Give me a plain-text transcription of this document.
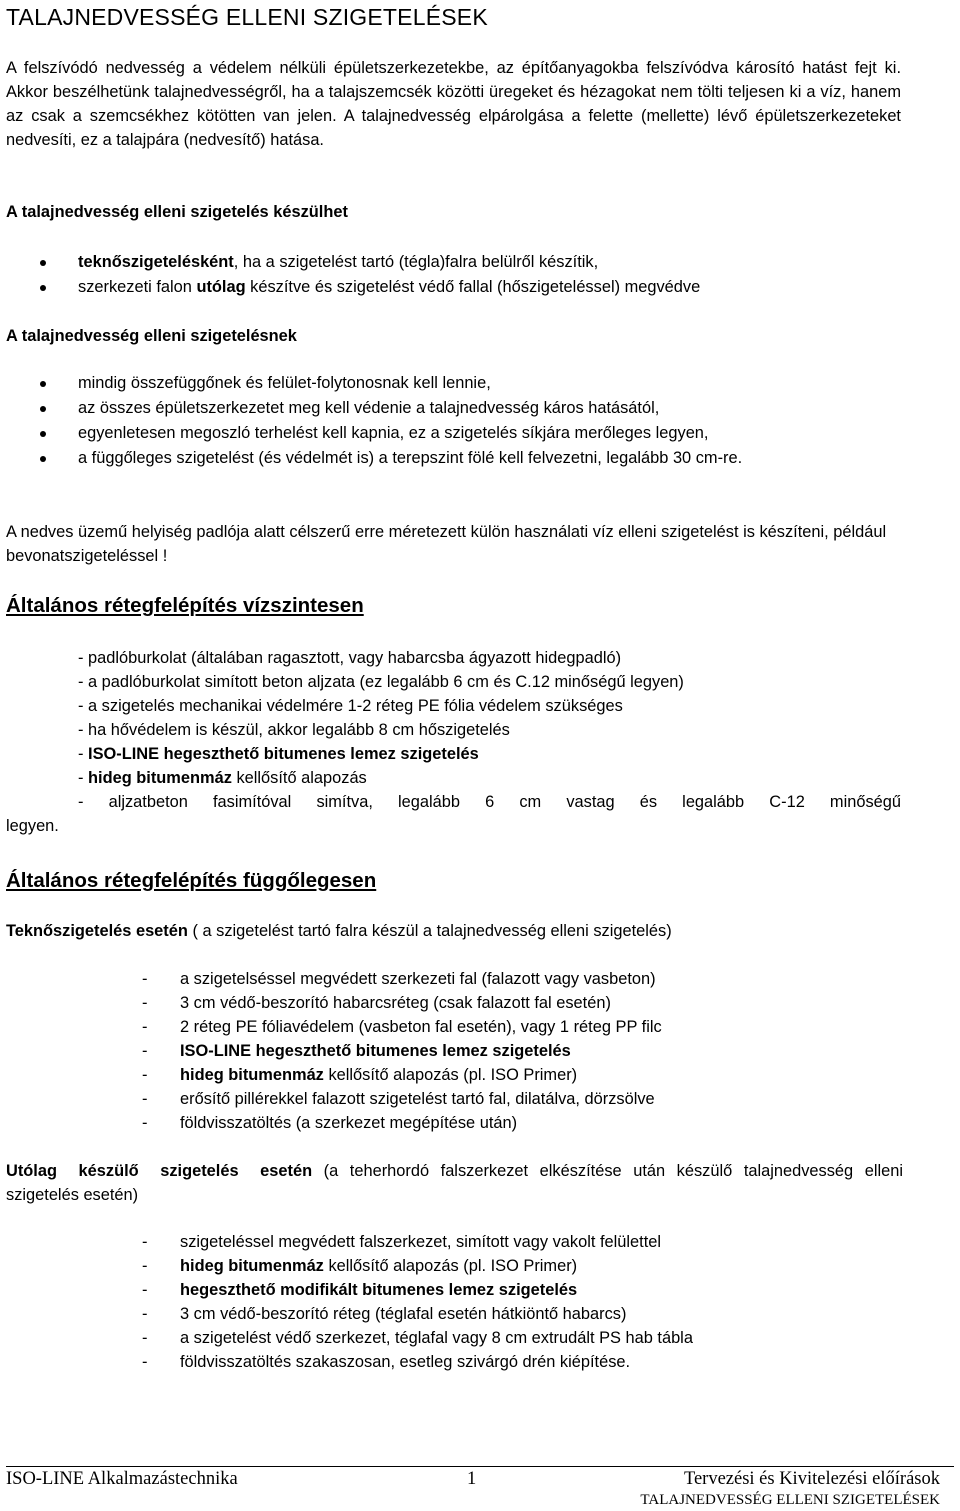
TALAJNEDVESSÉG ELLENI SZIGETELÉSEK
A felszívódó nedvesség a védelem nélküli épületszerkezetekbe, az építőanyagokba felszívódva károsító hatást fejt ki. Akkor beszélhetünk talajnedvességről, ha a talajszemcsék közötti üregeket és hézagokat nem tölti teljesen ki a víz, hanem az csak a szemcsékhez kötötten van jelen. A talajnedvesség elpárolgása a felette (mellette) lévő épületszerkezeteket nedvesíti, ez a talajpára (nedvesítő) hatása.
A talajnedvesség elleni szigetelés készülhet
teknőszigetelésként, ha a szigetelést tartó (tégla)falra belülről készítik,
szerkezeti falon utólag készítve és szigetelést védő fallal (hőszigeteléssel) megvédve
A talajnedvesség elleni szigetelésnek
mindig összefüggőnek és felület-folytonosnak kell lennie,
az összes épületszerkezetet meg kell védenie a talajnedvesség káros hatásától,
egyenletesen megoszló terhelést kell kapnia, ez a szigetelés síkjára merőleges legyen,
a függőleges szigetelést (és védelmét is) a terepszint fölé kell felvezetni, legalább 30 cm-re.
A nedves üzemű helyiség padlója alatt célszerű erre méretezett külön használati víz elleni szigetelést is készíteni, például bevonatszigeteléssel !
Általános rétegfelépítés vízszintesen
- padlóburkolat (általában ragasztott, vagy habarcsba ágyazott hidegpadló)
- a padlóburkolat simított beton aljzata (ez legalább 6 cm és C.12 minőségű legyen)
- a szigetelés mechanikai védelmére 1-2 réteg PE fólia védelem szükséges
- ha hővédelem is készül, akkor legalább 8 cm hőszigetelés
- ISO-LINE hegeszthető bitumenes lemez szigetelés
- hideg bitumenmáz kellősítő alapozás
- aljzatbeton fasimítóval simítva, legalább 6 cm vastag és legalább C-12 minőségű
legyen.
Általános rétegfelépítés függőlegesen
Teknőszigetelés esetén ( a szigetelést tartó falra készül a talajnedvesség elleni szigetelés)
- a szigetelséssel megvédett szerkezeti fal (falazott vagy vasbeton)
- 3 cm védő-beszorító habarcsréteg (csak falazott fal esetén)
- 2 réteg PE fóliavédelem (vasbeton fal esetén), vagy 1 réteg PP filc
- ISO-LINE hegeszthető bitumenes lemez szigetelés
- hideg bitumenmáz kellősítő alapozás (pl. ISO Primer)
- erősítő pillérekkel falazott szigetelést tartó fal, dilatálva, dörzsölve
- földvisszatöltés (a szerkezet megépítése után)
Utólag készülő szigetelés esetén (a teherhordó falszerkezet elkészítése után készülő talajnedvesség elleni szigetelés esetén)
- szigeteléssel megvédett falszerkezet, simított vagy vakolt felülettel
- hideg bitumenmáz kellősítő alapozás (pl. ISO Primer)
- hegeszthető modifikált bitumenes lemez szigetelés
- 3 cm védő-beszorító réteg (téglafal esetén hátkiöntő habarcs)
- a szigetelést védő szerkezet, téglafal vagy 8 cm extrudált PS hab tábla
- földvisszatöltés szakaszosan, esetleg szivárgó drén kiépítése.
ISO-LINE Alkalmazástechnika	1	Tervezési és Kivitelezési előírások
TALAJNEDVESSÉG ELLENI SZIGETELÉSEK
